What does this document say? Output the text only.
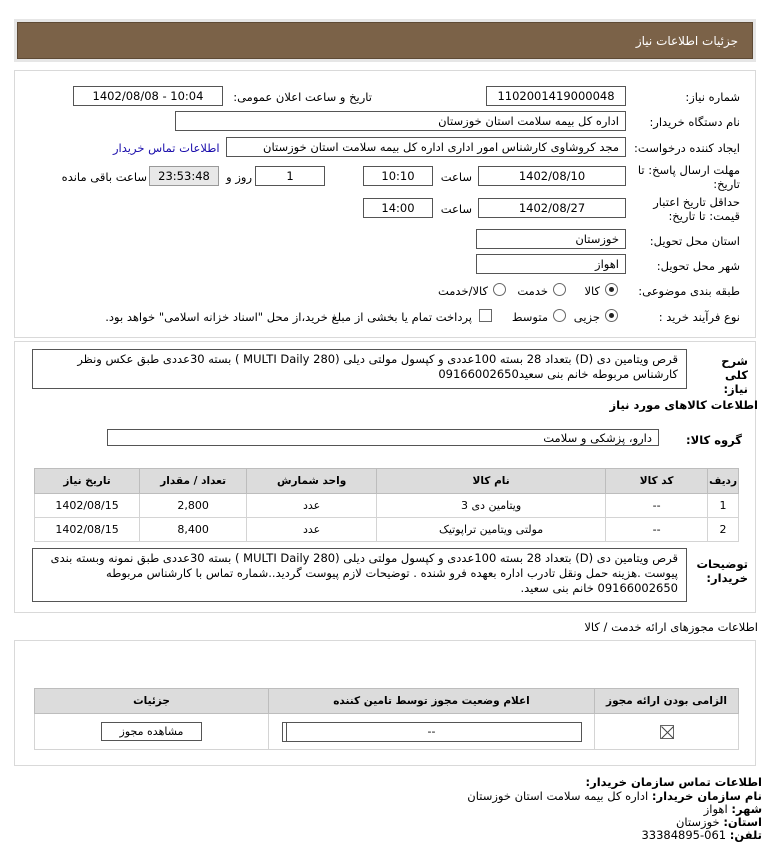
جزئیات اطلاعات نیاز
شماره نیاز:
1102001419000048
تاریخ و ساعت اعلان عمومی:
1402/08/08 - 10:04
نام دستگاه خریدار:
اداره کل بیمه سلامت استان خوزستان
ایجاد کننده درخواست:
مجد کروشاوی کارشناس امور اداری اداره کل بیمه سلامت استان خوزستان
اطلاعات تماس خریدار
مهلت ارسال پاسخ: تا
تاریخ:
1402/08/10
ساعت
10:10
1
روز و
23:53:48
ساعت باقی مانده
حداقل تاریخ اعتبار
قیمت: تا تاریخ:
1402/08/27
ساعت
14:00
استان محل تحویل:
خوزستان
شهر محل تحویل:
اهواز
طبقه بندی موضوعی:
کالا
خدمت
کالا/خدمت
نوع فرآیند خرید :
جزیی
متوسط
پرداخت تمام یا بخشی از مبلغ خرید،از محل "اسناد خزانه اسلامی" خواهد بود.
شرح کلی نیاز:
قرص ویتامین دی (D) بتعداد 28 بسته 100عددی و کپسول مولتی دیلی (MULTI Daily 280 ) بسته 30عددی طبق عکس ونظر کارشناس مربوطه خانم بنی سعید09166002650
اطلاعات کالاهای مورد نیاز
گروه کالا:
دارو، پزشکی و سلامت
ردیف	کد کالا	نام کالا	واحد شمارش	تعداد / مقدار	تاریخ نیاز
1	--	ویتامین دی 3	عدد	2,800	1402/08/15
2	--	مولتی ویتامین تراپوتیک	عدد	8,400	1402/08/15
توضیحات خریدار:
قرص ویتامین دی (D) بتعداد 28 بسته 100عددی و کپسول مولتی دیلی (MULTI Daily 280 ) بسته 30عددی طبق نمونه وبسته بندی پیوست .هزینه حمل ونقل تادرب اداره بعهده فرو شنده . توضیحات لازم پیوست گردید..شماره تماس با کارشناس مربوطه 09166002650 خانم بنی سعید.
اطلاعات مجوزهای ارائه خدمت / کالا
الزامی بودن ارائه مجوز	اعلام وضعیت مجوز توسط تامین کننده	جزئیات

	--	مشاهده مجوز
اطلاعات تماس سازمان خریدار:
نام سازمان خریدار: اداره کل بیمه سلامت استان خوزستان
شهر: اهواز
استان: خوزستان
تلفن: 061-33384895
